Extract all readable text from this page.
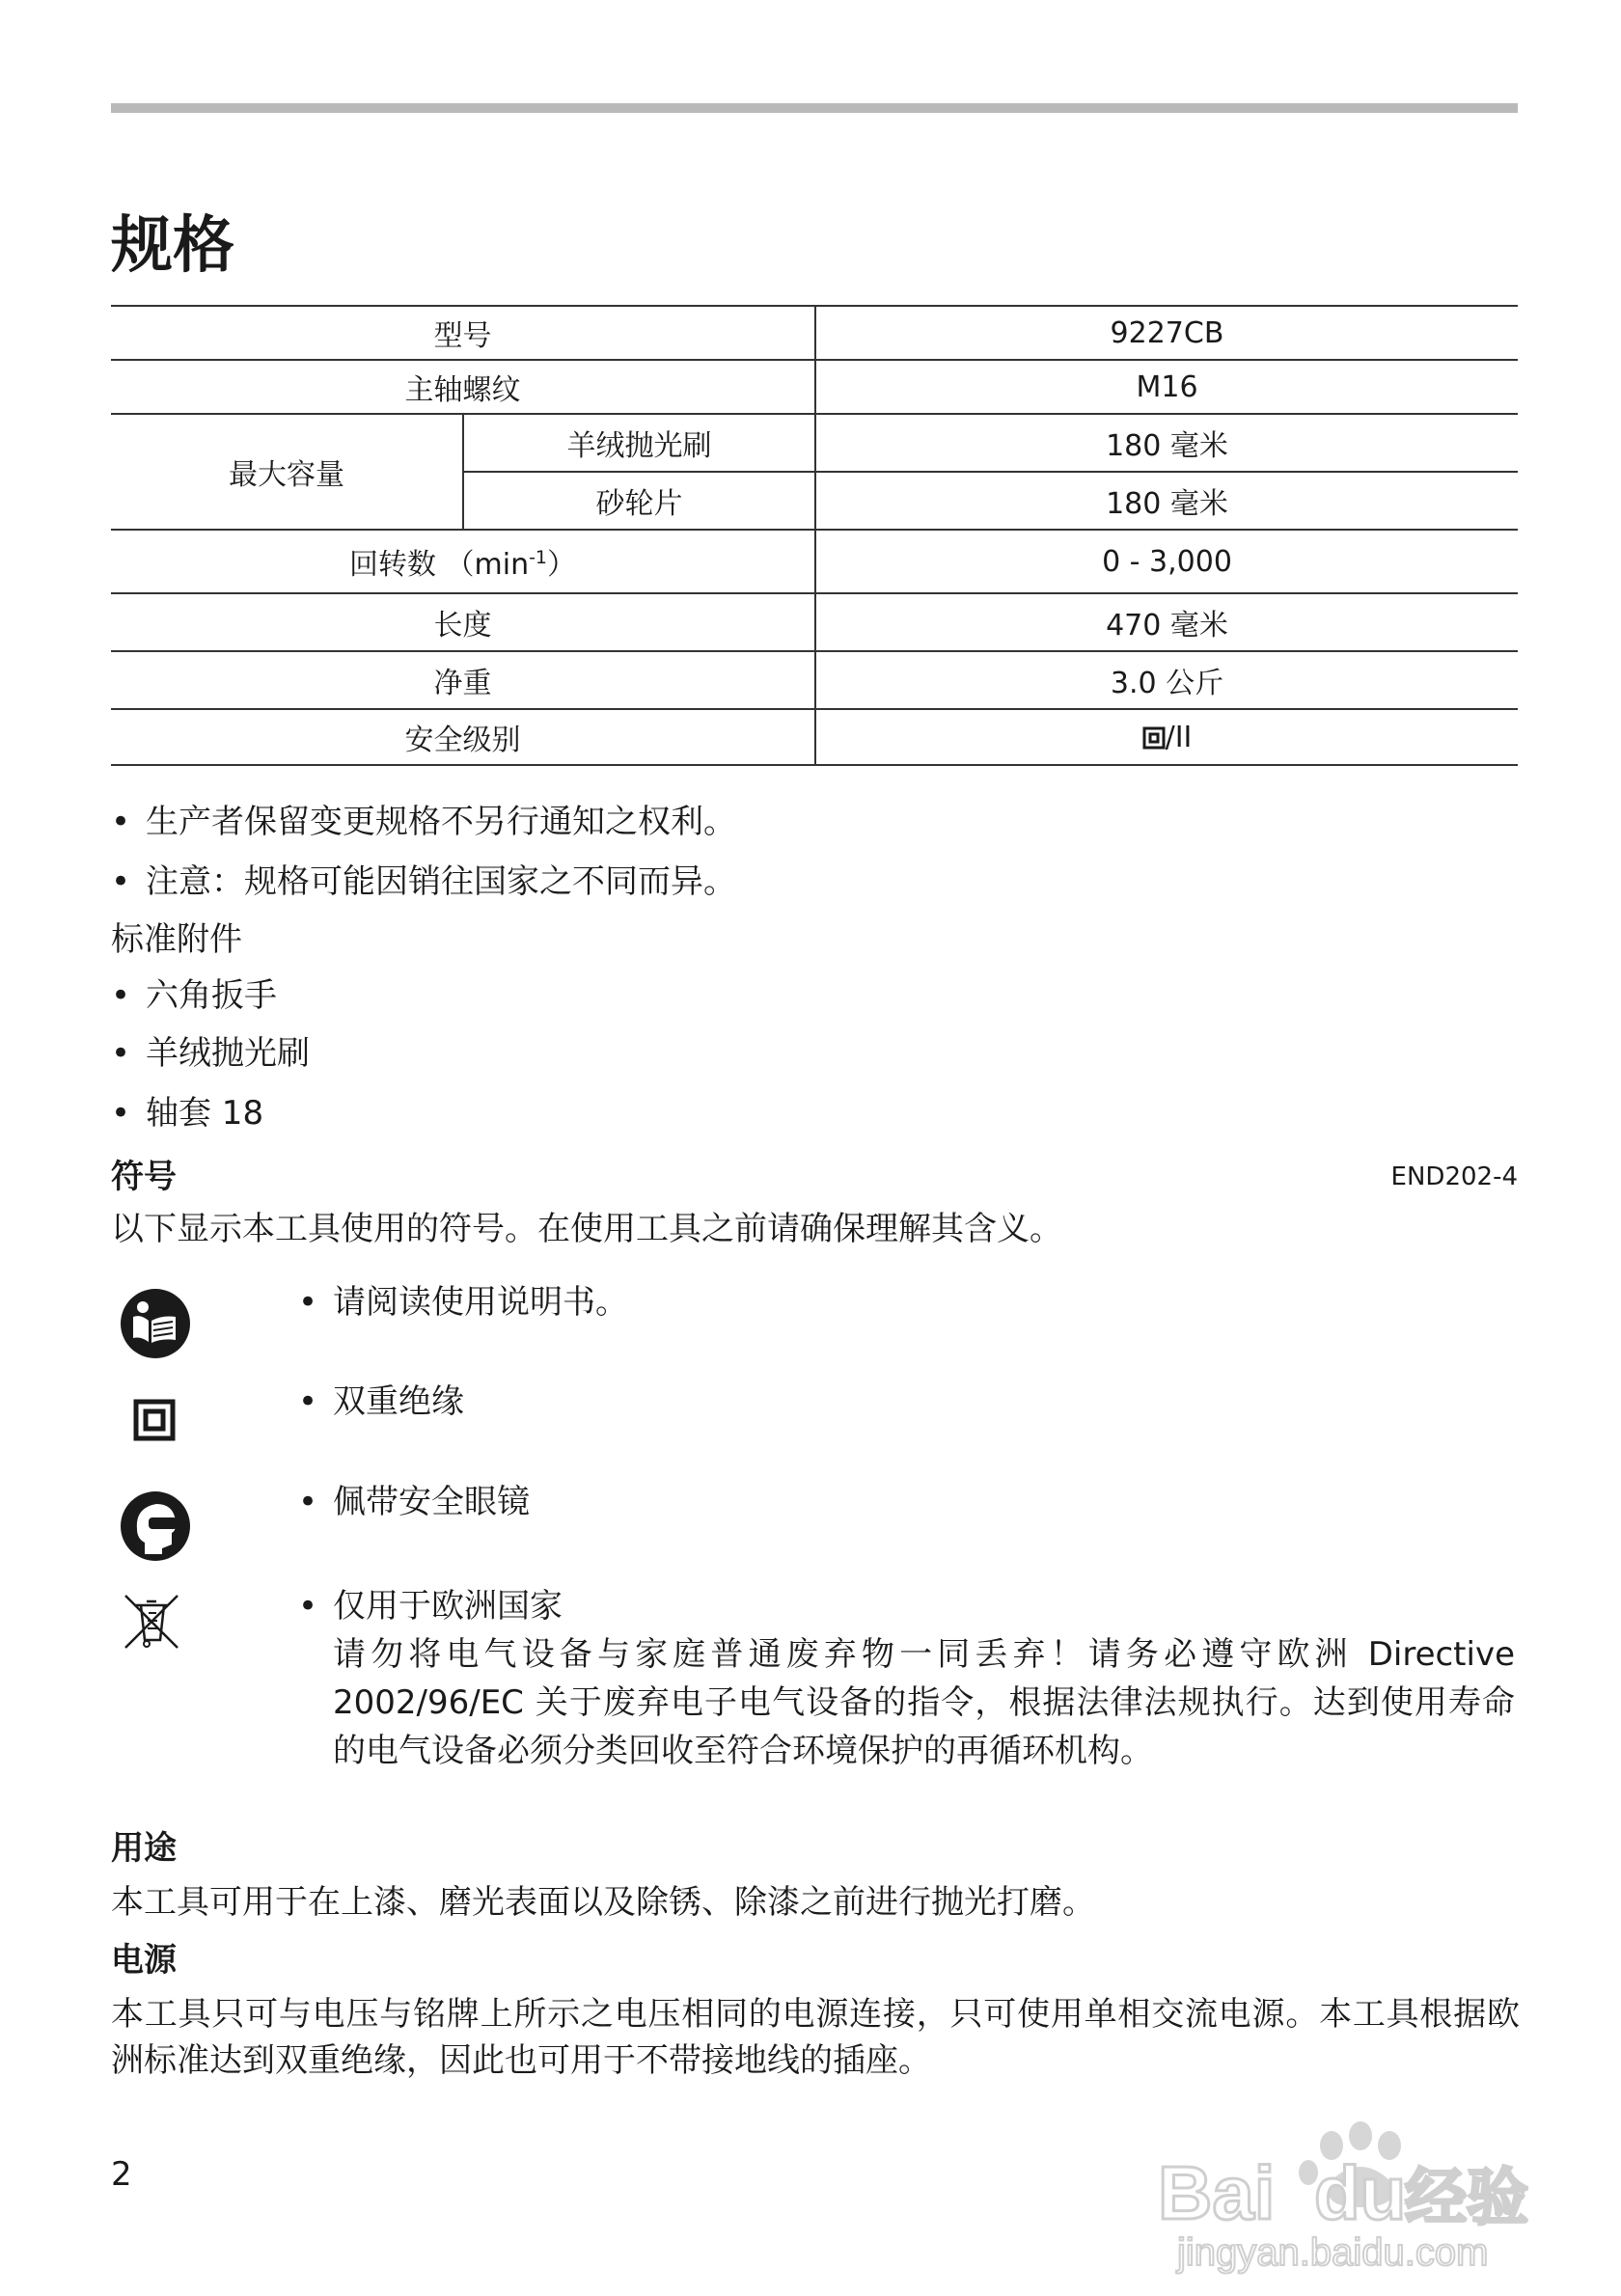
规格
型号		9227CB
主轴螺纹		M16
最大容量	羊绒抛光刷	180 毫米
	砂轮片	180 毫米
回转数 $(\min^{-1})$		0 - 3,000
长度		470 毫米
净重		3.0 公斤
安全级别		/II

• 生产者保留变更规格不另行通知之权利。

• 注意：规格可能因销往国家之不同而异。

标准附件

• 六角扳手

• 羊绒抛光刷

• 轴套 18

符号	END202-4

以下显示本工具使用的符号。在使用工具之前请确保理解其含义。

• 请阅读使用说明书。

• 双重绝缘

• 佩带安全眼镜

• 仅用于欧洲国家

请勿将电气设备与家庭普通废弃物一同丢弃！请务必遵守欧洲 Directive 2002/96/EC 关于废弃电子电气设备的指令，根据法律法规执行。达到使用寿命的电气设备必须分类回收至符合环境保护的再循环机构。

用途

本工具可用于在上漆、磨光表面以及除锈、除漆之前进行抛光打磨。

电源

本工具只可与电压与铭牌上所示之电压相同的电源连接，只可使用单相交流电源。本工具根据欧洲标准达到双重绝缘，因此也可用于不带接地线的插座。

2	Bai du
经验
jingyan.baidu.com
